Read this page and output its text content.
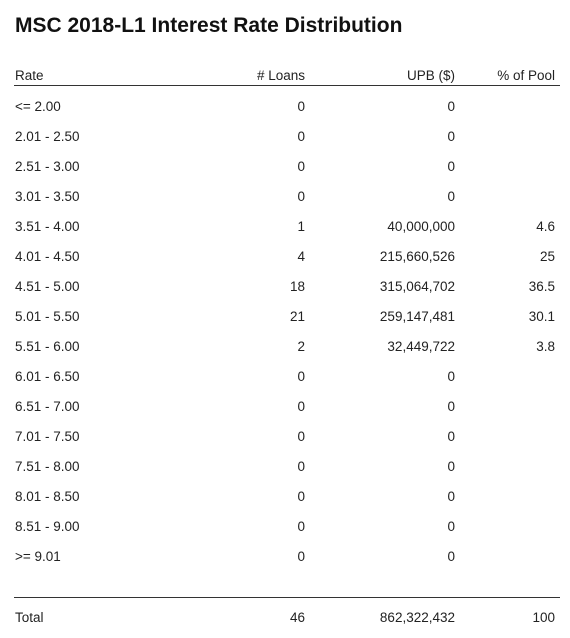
MSC 2018-L1 Interest Rate Distribution
Rate	# Loans	UPB ($)	% of Pool
<= 2.00	0	0
2.01 - 2.50	0	0
2.51 - 3.00	0	0
3.01 - 3.50	0	0
3.51 - 4.00	1	40,000,000	4.6
4.01 - 4.50	4	215,660,526	25
4.51 - 5.00	18	315,064,702	36.5
5.01 - 5.50	21	259,147,481	30.1
5.51 - 6.00	2	32,449,722	3.8
6.01 - 6.50	0	0
6.51 - 7.00	0	0
7.01 - 7.50	0	0
7.51 - 8.00	0	0
8.01 - 8.50	0	0
8.51 - 9.00	0	0
>= 9.01	0	0
Total	46	862,322,432	100
